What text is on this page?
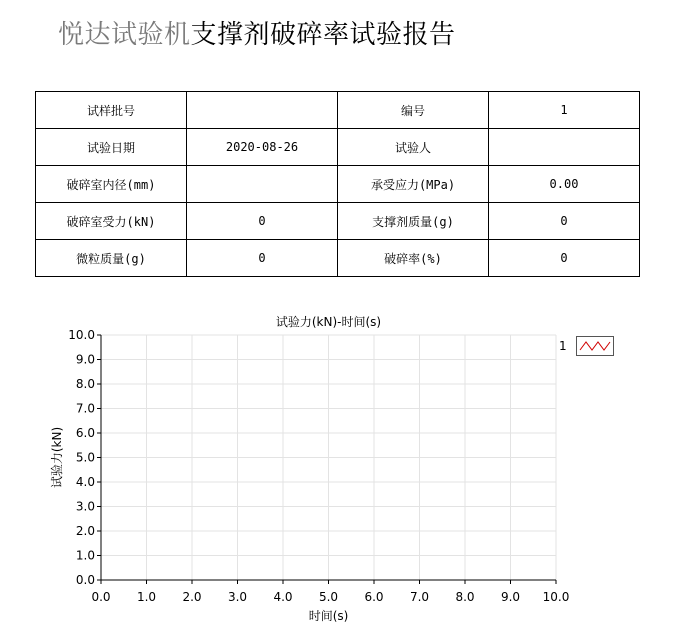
悦达试验机支撑剂破碎率试验报告
试样批号		编号	1
试验日期	2020-08-26	试验人	
破碎室内径(mm)		承受应力(MPa)	0.00
破碎室受力(kN)	0	支撑剂质量(g)	0
微粒质量(g)	0	破碎率(%)	0
0.0 1.0 2.0 3.0 4.0 5.0 6.0 7.0 8.0 9.0 10.0
0.0
1.0
2.0
3.0
4.0
5.0
6.0
7.0
8.0
9.0
10.0
试验力(kN)-时间(s)
时间(s)
试验力(kN)
1
